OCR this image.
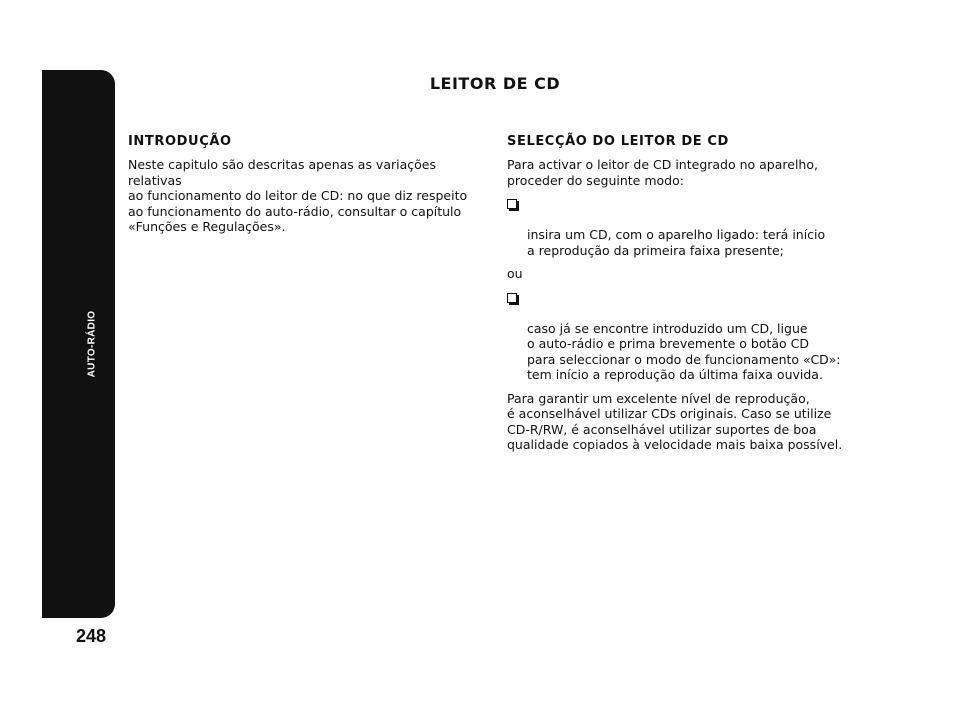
AUTO-RÁDIO
248
LEITOR DE CD
INTRODUÇÃO

Neste capitulo são descritas apenas as variações relativas
ao funcionamento do leitor de CD: no que diz respeito
ao funcionamento do auto-rádio, consultar o capítulo
«Funções e Regulações».

SELECÇÃO DO LEITOR DE CD

Para activar o leitor de CD integrado no aparelho,
proceder do seguinte modo:

insira um CD, com o aparelho ligado: terá início
a reprodução da primeira faixa presente;

ou

caso já se encontre introduzido um CD, ligue
o auto-rádio e prima brevemente o botão CD
para seleccionar o modo de funcionamento «CD»:
tem início a reprodução da última faixa ouvida.

Para garantir um excelente nível de reprodução,
é aconselhável utilizar CDs originais. Caso se utilize
CD-R/RW, é aconselhável utilizar suportes de boa
qualidade copiados à velocidade mais baixa possível.
